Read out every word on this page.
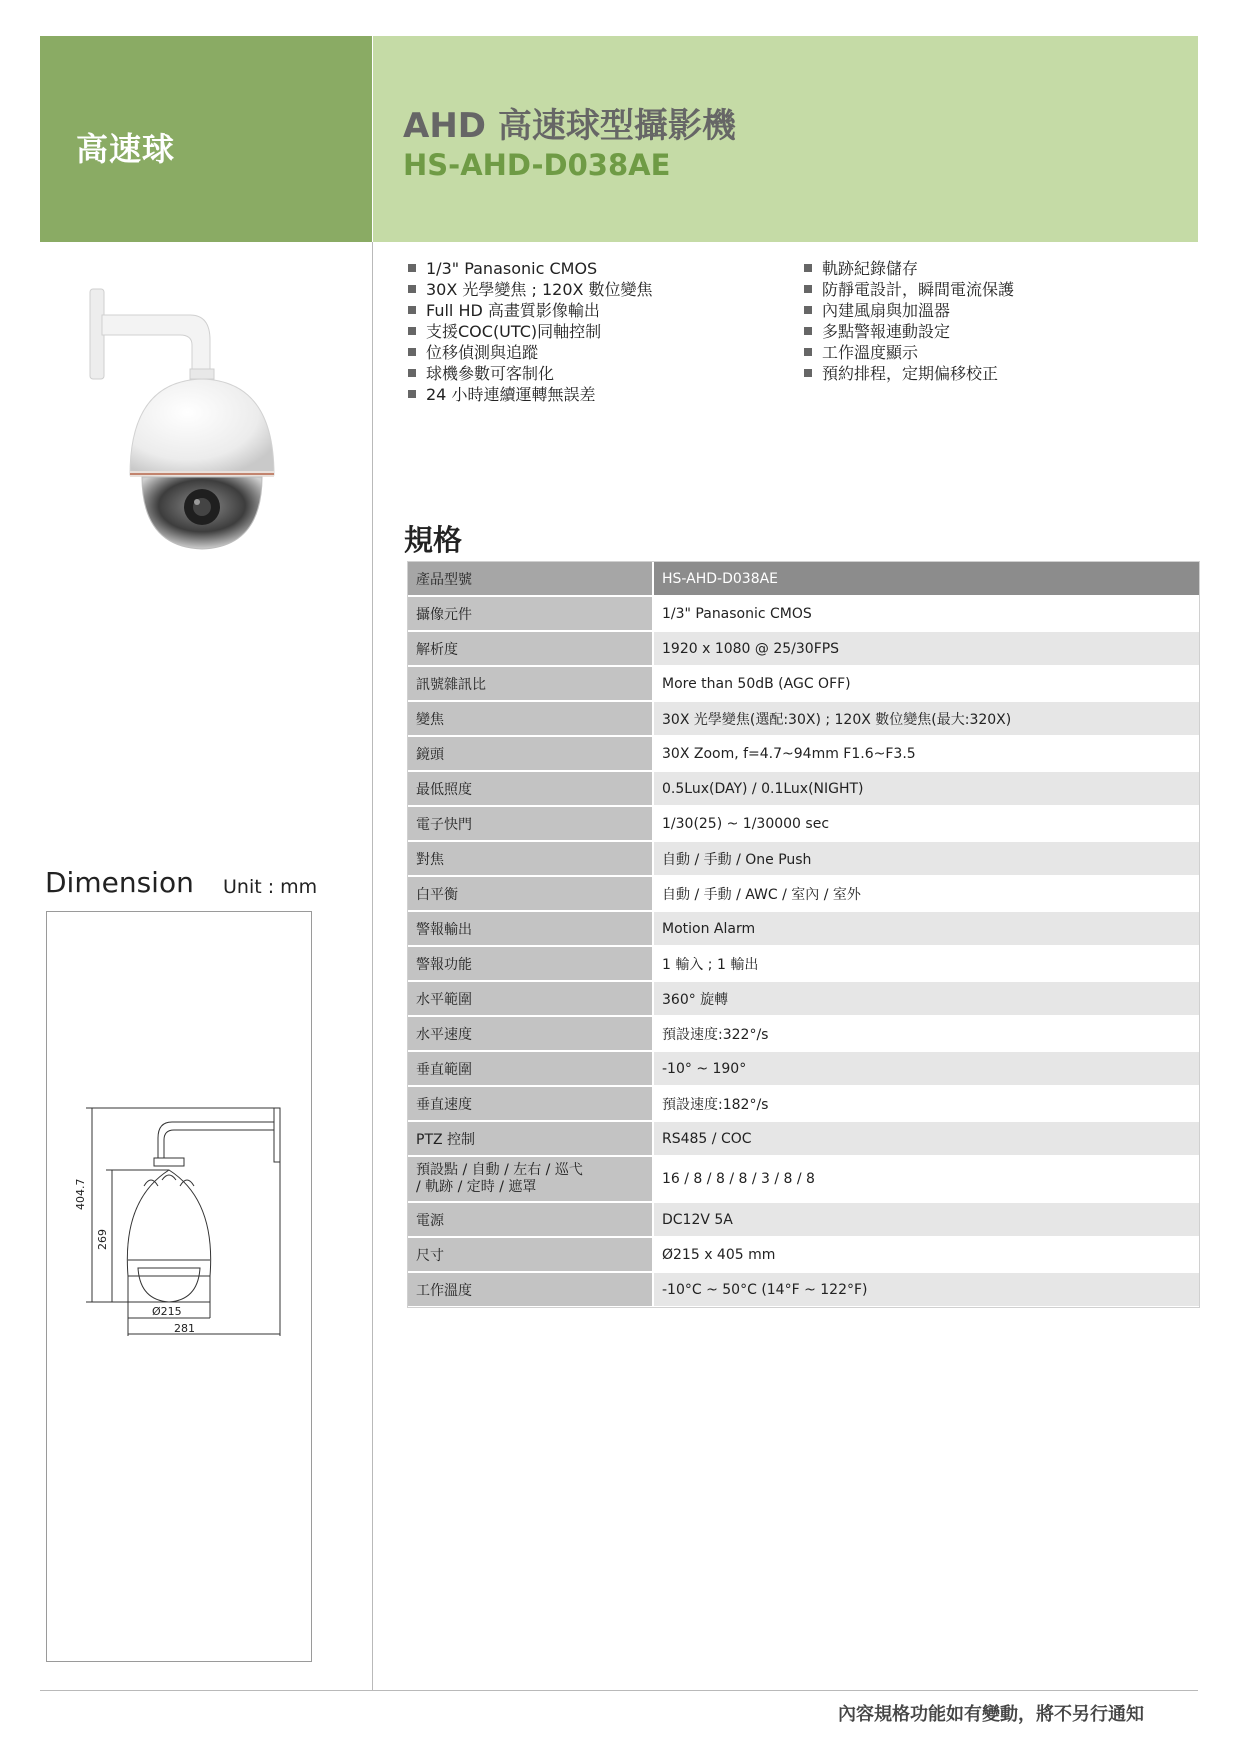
高速球
AHD 高速球型攝影機
HS-AHD-D038AE
1/3" Panasonic CMOS
30X 光學變焦 ; 120X 數位變焦
Full HD 高畫質影像輸出
支援COC(UTC)同軸控制
位移偵測與追蹤
球機參數可客制化
24 小時連續運轉無誤差
軌跡紀錄儲存
防靜電設計，瞬間電流保護
內建風扇與加溫器
多點警報連動設定
工作溫度顯示
預約排程，定期偏移校正
規格
產品型號	HS-AHD-D038AE
攝像元件	1/3" Panasonic CMOS
解析度	1920 x 1080 @ 25/30FPS
訊號雜訊比	More than 50dB (AGC OFF)
變焦	30X 光學變焦(選配:30X) ; 120X 數位變焦(最大:320X)
鏡頭	30X Zoom, f=4.7~94mm F1.6~F3.5
最低照度	0.5Lux(DAY) / 0.1Lux(NIGHT)
電子快門	1/30(25) ~ 1/30000 sec
對焦	自動 / 手動 / One Push
白平衡	自動 / 手動 / AWC / 室內 / 室外
警報輸出	Motion Alarm
警報功能	1 輸入 ; 1 輸出
水平範圍	360° 旋轉
水平速度	預設速度:322°/s
垂直範圍	-10° ~ 190°
垂直速度	預設速度:182°/s
PTZ 控制	RS485 / COC
預設點 / 自動 / 左右 / 巡弋
/ 軌跡 / 定時 / 遮罩	16 / 8 / 8 / 8 / 3 / 8 / 8
電源	DC12V 5A
尺寸	Ø215 x 405 mm
工作溫度	-10°C ~ 50°C (14°F ~ 122°F)
Dimension Unit : mm
404.7
269
Ø215
281
內容規格功能如有變動，將不另行通知
